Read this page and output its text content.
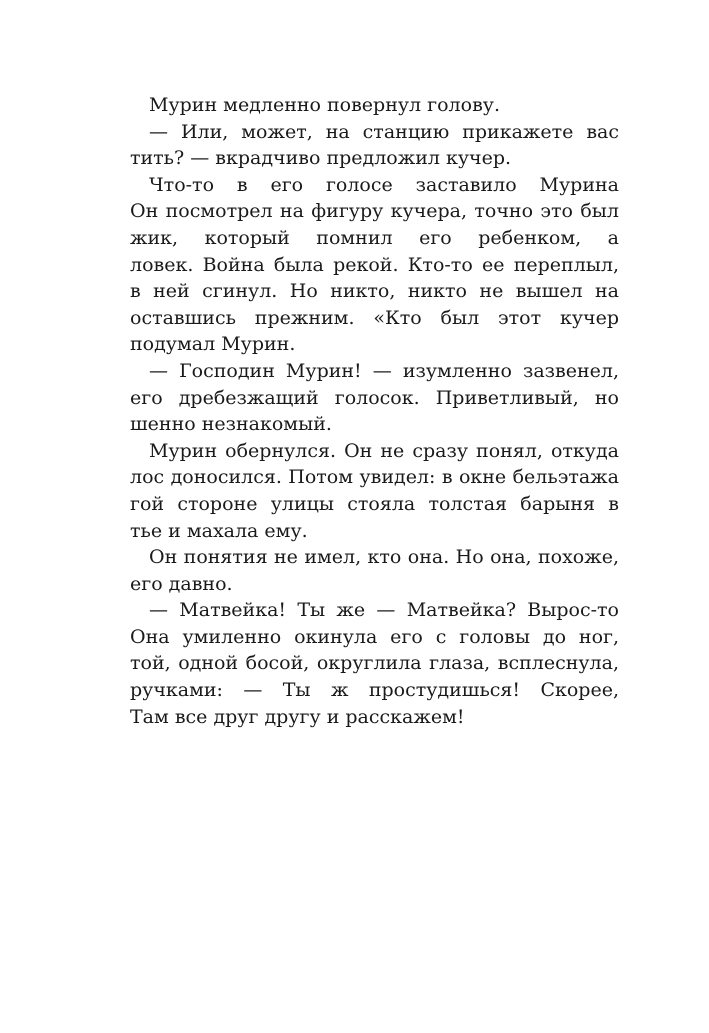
Мурин медленно повернул голову.
— Или, может, на станцию прикажете вас
тить? — вкрадчиво предложил кучер.
Что-то в его голосе заставило Мурина
Он посмотрел на фигуру кучера, точно это был
жик, который помнил его ребенком, а
ловек. Война была рекой. Кто-то ее переплыл,
в ней сгинул. Но никто, никто не вышел на
оставшись прежним. «Кто был этот кучер
подумал Мурин.
— Господин Мурин! — изумленно зазвенел,
его дребезжащий голосок. Приветливый, но
шенно незнакомый.
Мурин обернулся. Он не сразу понял, откуда
лос доносился. Потом увидел: в окне бельэтажа
гой стороне улицы стояла толстая барыня в
тье и махала ему.
Он понятия не имел, кто она. Но она, похоже,
его давно.
— Матвейка! Ты же — Матвейка? Вырос-то
Она умиленно окинула его с головы до ног,
той, одной босой, округлила глаза, всплеснула,
ручками: — Ты ж простудишься! Скорее,
Там все друг другу и расскажем!
